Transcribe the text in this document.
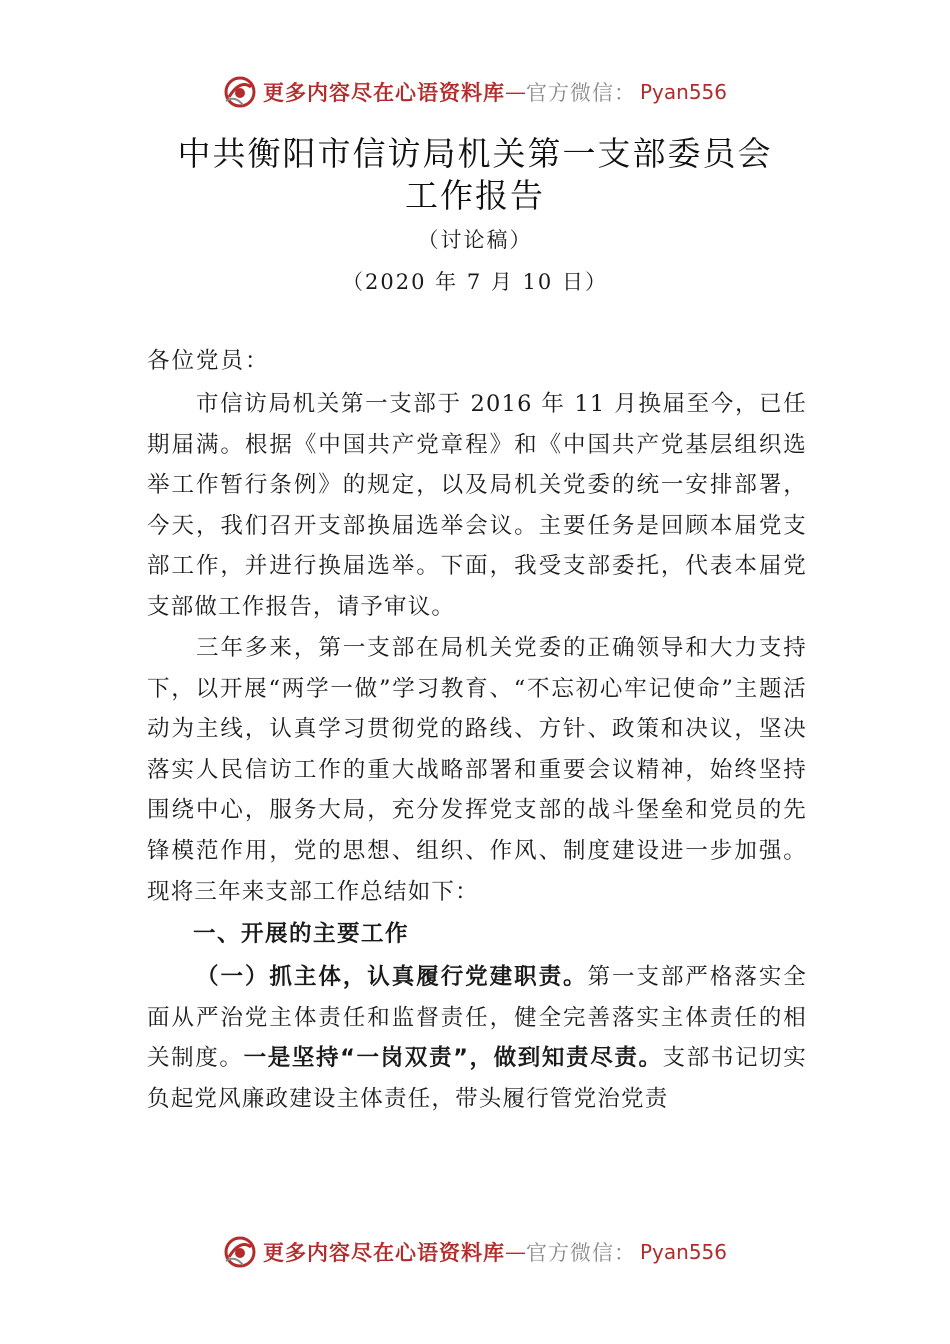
更多内容尽在心语资料库 — 官方微信： Pyan556
中共衡阳市信访局机关第一支部委员会
工作报告
（讨论稿）
（2020 年 7 月 10 日）
各位党员：
市信访局机关第一支部于 2016 年 11 月换届至今，已任期届满。根据《中国共产党章程》和《中国共产党基层组织选举工作暂行条例》的规定，以及局机关党委的统一安排部署，今天，我们召开支部换届选举会议。主要任务是回顾本届党支部工作，并进行换届选举。下面，我受支部委托，代表本届党支部做工作报告，请予审议。
三年多来，第一支部在局机关党委的正确领导和大力支持下，以开展“两学一做”学习教育、“不忘初心牢记使命”主题活动为主线，认真学习贯彻党的路线、方针、政策和决议，坚决落实人民信访工作的重大战略部署和重要会议精神，始终坚持围绕中心，服务大局，充分发挥党支部的战斗堡垒和党员的先锋模范作用，党的思想、组织、作风、制度建设进一步加强。现将三年来支部工作总结如下：
一、开展的主要工作
（一）抓主体，认真履行党建职责。第一支部严格落实全面从严治党主体责任和监督责任，健全完善落实主体责任的相关制度。一是坚持“一岗双责”，做到知责尽责。支部书记切实负起党风廉政建设主体责任，带头履行管党治党责
更多内容尽在心语资料库 — 官方微信： Pyan556
